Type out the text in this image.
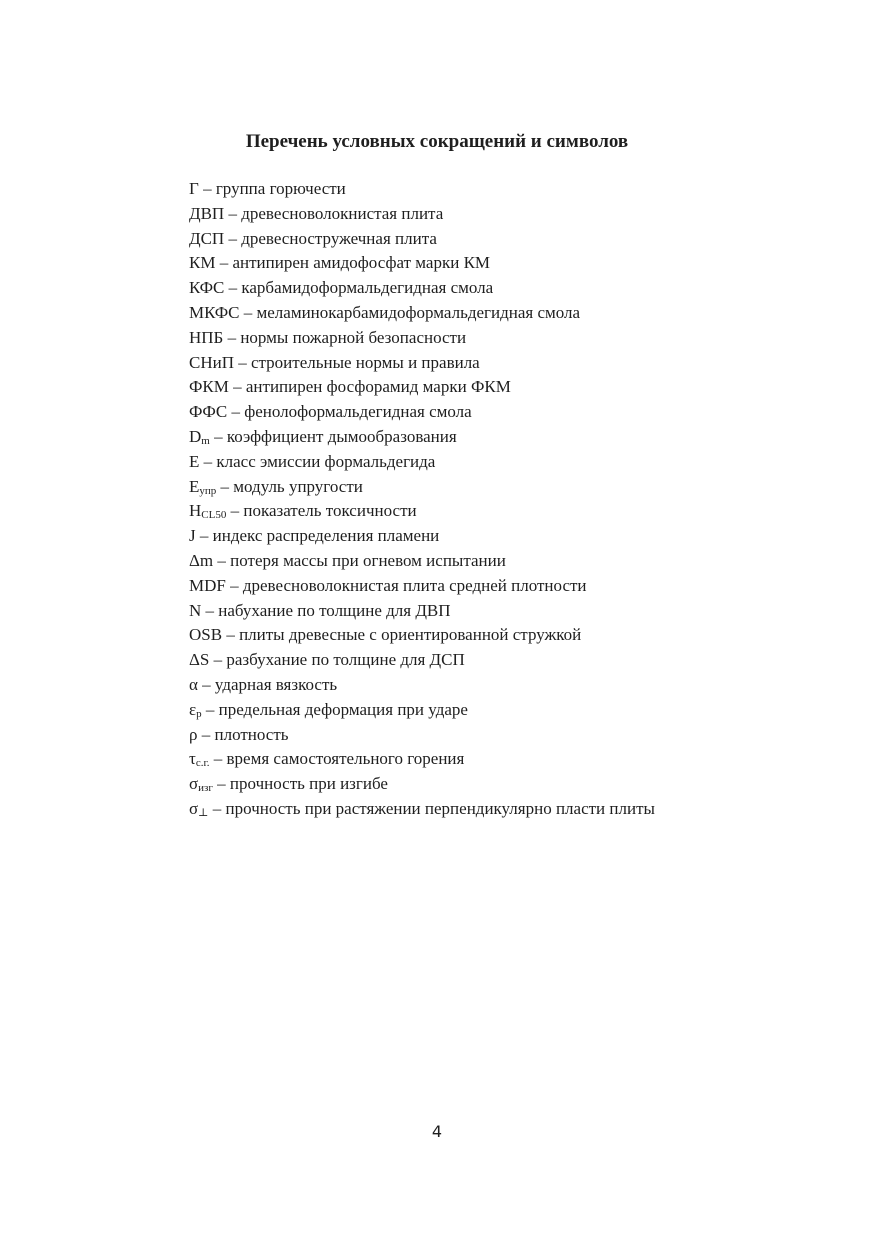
Перечень условных сокращений и символов
Г – группа горючести
ДВП – древесноволокнистая плита
ДСП – древесностружечная плита
КМ – антипирен амидофосфат марки КМ
КФС – карбамидоформальдегидная смола
МКФС – меламинокарбамидоформальдегидная смола
НПБ – нормы пожарной безопасности
СНиП – строительные нормы и правила
ФКМ – антипирен фосфорамид марки ФКМ
ФФС – фенолоформальдегидная смола
$D_m$ – коэффициент дымообразования
E – класс эмиссии формальдегида
$E_{упр}$ – модуль упругости
$H_{CL50}$ – показатель токсичности
J – индекс распределения пламени
Δm – потеря массы при огневом испытании
MDF – древесноволокнистая плита средней плотности
N – набухание по толщине для ДВП
OSB – плиты древесные с ориентированной стружкой
ΔS – разбухание по толщине для ДСП
α – ударная вязкость
$\varepsilon_р$ – предельная деформация при ударе
ρ – плотность
$\tau_{с.г.}$ – время самостоятельного горения
$\sigma_{изг}$ – прочность при изгибе
$\sigma_\perp$ – прочность при растяжении перпендикулярно пласти плиты
4
